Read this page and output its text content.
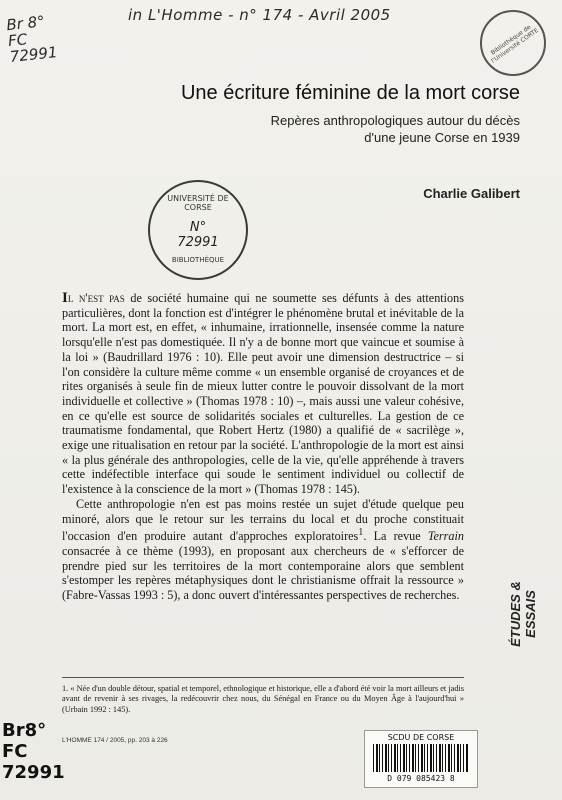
Br 8° FC 72991
in L'Homme - n° 174 - Avril 2005
Bibliothèque de l'Université CORTE
Une écriture féminine de la mort corse
Repères anthropologiques autour du décès
d'une jeune Corse en 1939
Charlie Galibert
UNIVERSITÉ DE CORSE
N° 72991
BIBLIOTHÈQUE

Il n'est pas de société humaine qui ne soumette ses défunts à des attentions particulières, dont la fonction est d'intégrer le phénomène brutal et inévitable de la mort. La mort est, en effet, « inhumaine, irrationnelle, insensée comme la nature lorsqu'elle n'est pas domestiquée. Il n'y a de bonne mort que vaincue et soumise à la loi » (Baudrillard 1976 : 10). Elle peut avoir une dimension destructrice – si l'on considère la culture même comme « un ensemble organisé de croyances et de rites organisés à seule fin de mieux lutter contre le pouvoir dissolvant de la mort individuelle et collective » (Thomas 1978 : 10) –, mais aussi une valeur cohésive, en ce qu'elle est source de solidarités sociales et culturelles. La gestion de ce traumatisme fondamental, que Robert Hertz (1980) a qualifié de « sacrilège », exige une ritualisation en retour par la société. L'anthropologie de la mort est ainsi « la plus générale des anthropologies, celle de la vie, qu'elle appréhende à travers cette indéfectible interface qui soude le sentiment individuel ou collectif de l'existence à la conscience de la mort » (Thomas 1978 : 145).

Cette anthropologie n'en est pas moins restée un sujet d'étude quelque peu minoré, alors que le retour sur les terrains du local et du proche constituait l'occasion d'en produire autant d'approches exploratoires$^1$. La revue Terrain consacrée à ce thème (1993), en proposant aux chercheurs de « s'efforcer de prendre pied sur les territoires de la mort contemporaine alors que semblent s'estomper les repères métaphysiques dont le christianisme offrait la ressource » (Fabre-Vassas 1993 : 5), a donc ouvert d'intéressantes perspectives de recherches.

1. « Née d'un double détour, spatial et temporel, ethnologique et historique, elle a d'abord été voir la mort ailleurs et jadis avant de revenir à ses rivages, la redécouvrir chez nous, du Sénégal en France ou du Moyen Âge à l'aujourd'hui » (Urbain 1992 : 145).
L'HOMME 174 / 2005, pp. 203 à 226
ÉTUDES & ESSAIS
Br8°
FC
72991
SCDU DE CORSE
D 079 085423 8
